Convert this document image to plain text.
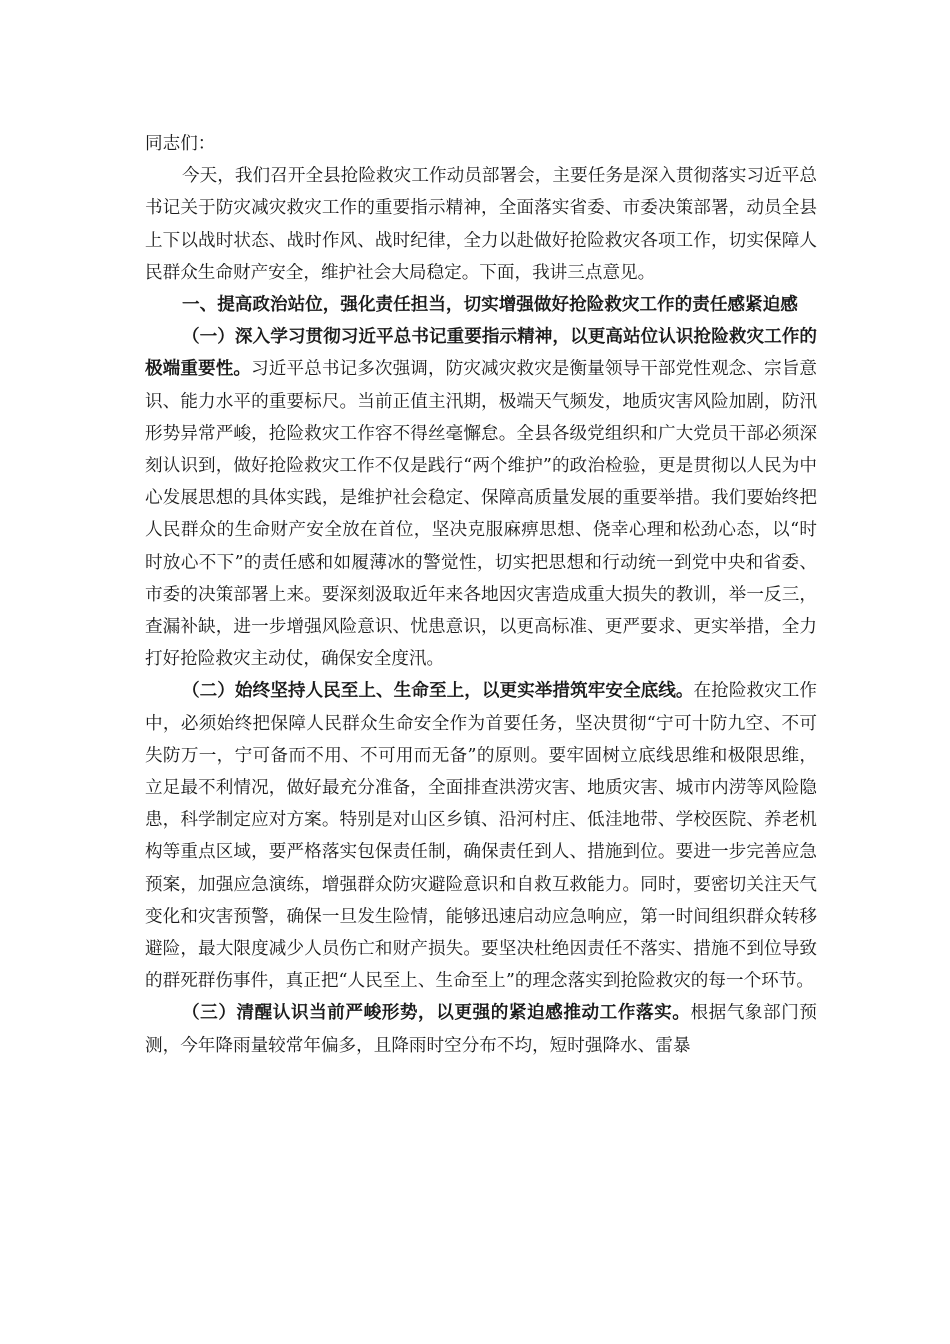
同志们：

今天，我们召开全县抢险救灾工作动员部署会，主要任务是深入贯彻落实习近平总书记关于防灾减灾救灾工作的重要指示精神，全面落实省委、市委决策部署，动员全县上下以战时状态、战时作风、战时纪律，全力以赴做好抢险救灾各项工作，切实保障人民群众生命财产安全，维护社会大局稳定。下面，我讲三点意见。

一、提高政治站位，强化责任担当，切实增强做好抢险救灾工作的责任感紧迫感

（一）深入学习贯彻习近平总书记重要指示精神，以更高站位认识抢险救灾工作的极端重要性。习近平总书记多次强调，防灾减灾救灾是衡量领导干部党性观念、宗旨意识、能力水平的重要标尺。当前正值主汛期，极端天气频发，地质灾害风险加剧，防汛形势异常严峻，抢险救灾工作容不得丝毫懈怠。全县各级党组织和广大党员干部必须深刻认识到，做好抢险救灾工作不仅是践行“两个维护”的政治检验，更是贯彻以人民为中心发展思想的具体实践，是维护社会稳定、保障高质量发展的重要举措。我们要始终把人民群众的生命财产安全放在首位，坚决克服麻痹思想、侥幸心理和松劲心态，以“时时放心不下”的责任感和如履薄冰的警觉性，切实把思想和行动统一到党中央和省委、市委的决策部署上来。要深刻汲取近年来各地因灾害造成重大损失的教训，举一反三，查漏补缺，进一步增强风险意识、忧患意识，以更高标准、更严要求、更实举措，全力打好抢险救灾主动仗，确保安全度汛。

（二）始终坚持人民至上、生命至上，以更实举措筑牢安全底线。在抢险救灾工作中，必须始终把保障人民群众生命安全作为首要任务，坚决贯彻“宁可十防九空、不可失防万一，宁可备而不用、不可用而无备”的原则。要牢固树立底线思维和极限思维，立足最不利情况，做好最充分准备，全面排查洪涝灾害、地质灾害、城市内涝等风险隐患，科学制定应对方案。特别是对山区乡镇、沿河村庄、低洼地带、学校医院、养老机构等重点区域，要严格落实包保责任制，确保责任到人、措施到位。要进一步完善应急预案，加强应急演练，增强群众防灾避险意识和自救互救能力。同时，要密切关注天气变化和灾害预警，确保一旦发生险情，能够迅速启动应急响应，第一时间组织群众转移避险，最大限度减少人员伤亡和财产损失。要坚决杜绝因责任不落实、措施不到位导致的群死群伤事件，真正把“人民至上、生命至上”的理念落实到抢险救灾的每一个环节。

（三）清醒认识当前严峻形势，以更强的紧迫感推动工作落实。根据气象部门预测，今年降雨量较常年偏多，且降雨时空分布不均，短时强降水、雷暴
